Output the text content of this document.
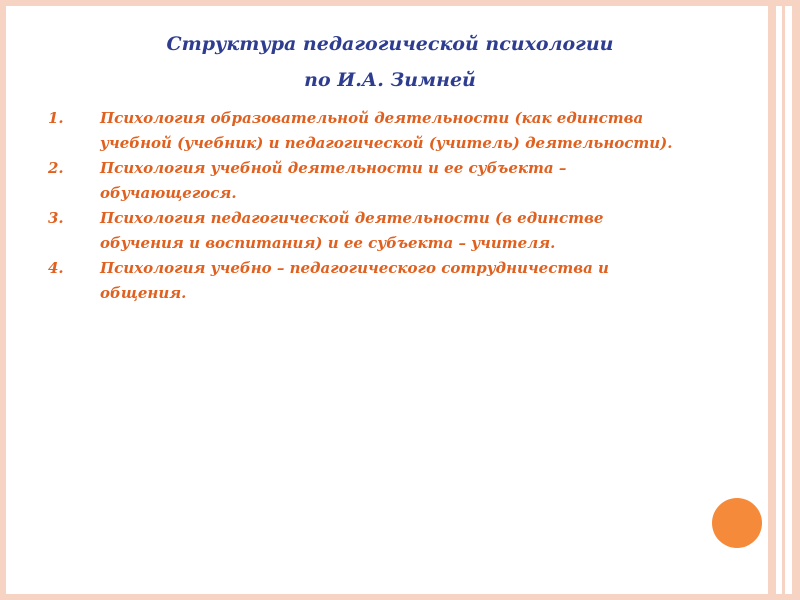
Структура педагогической психологии
по И.А. Зимней
1. Психология образовательной деятельности (как единства учебной (учебник) и педагогической (учитель) деятельности).
2. Психология учебной деятельности и ее субъекта – обучающегося.
3. Психология педагогической деятельности (в единстве обучения и воспитания) и ее субъекта – учителя.
4. Психология учебно – педагогического сотрудничества и общения.
